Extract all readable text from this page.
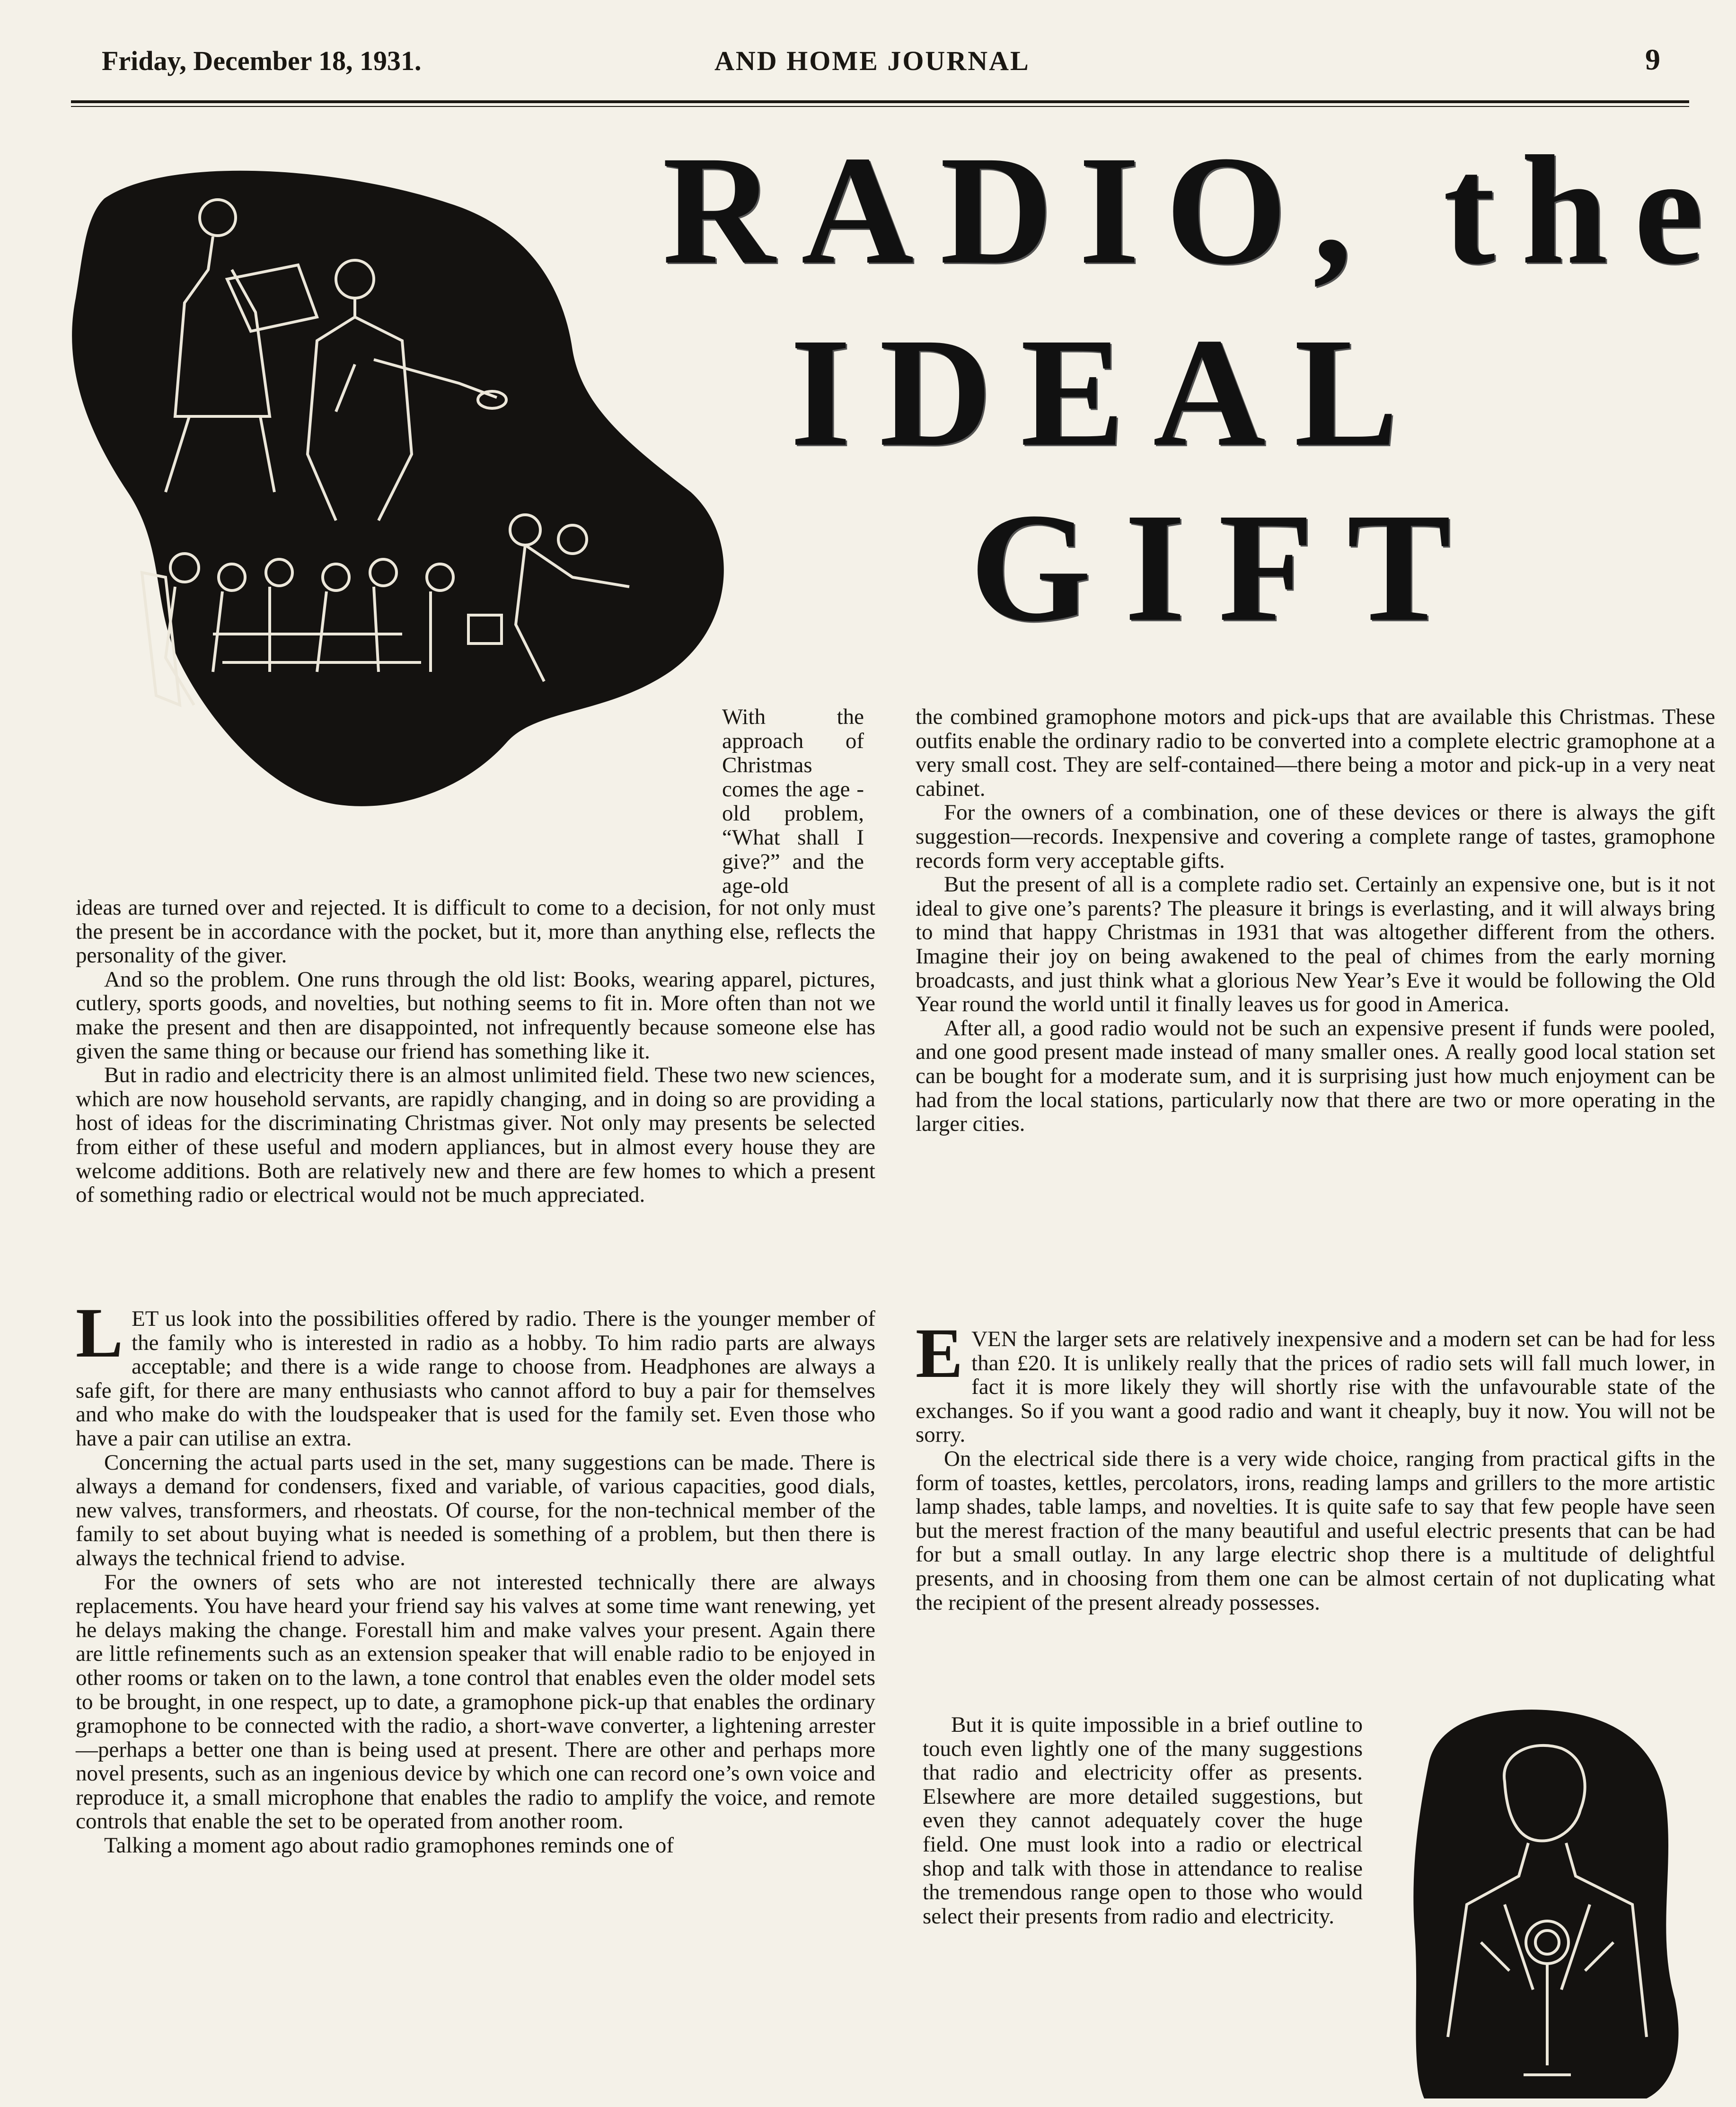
Friday, December 18, 1931.	AND HOME JOURNAL	9
RADIO, the
IDEAL
GIFT

With the approach of Christmas comes the age - old problem, “What shall I give?” and the age-old

ideas are turned over and rejected. It is difficult to come to a decision, for not only must the present be in accordance with the pocket, but it, more than anything else, reflects the personality of the giver.

And so the problem. One runs through the old list: Books, wearing apparel, pictures, cutlery, sports goods, and novelties, but nothing seems to fit in. More often than not we make the present and then are disappointed, not infrequently because someone else has given the same thing or because our friend has something like it.

But in radio and electricity there is an almost unlimited field. These two new sciences, which are now household servants, are rapidly changing, and in doing so are providing a host of ideas for the discriminating Christmas giver. Not only may presents be selected from either of these useful and modern appliances, but in almost every house they are welcome additions. Both are relatively new and there are few homes to which a present of something radio or electrical would not be much appreciated.

LET us look into the possibilities offered by radio. There is the younger member of the family who is interested in radio as a hobby. To him radio parts are always acceptable; and there is a wide range to choose from. Headphones are always a safe gift, for there are many enthusiasts who cannot afford to buy a pair for themselves and who make do with the loudspeaker that is used for the family set. Even those who have a pair can utilise an extra.

Concerning the actual parts used in the set, many suggestions can be made. There is always a demand for condensers, fixed and variable, of various capacities, good dials, new valves, transformers, and rheostats. Of course, for the non-technical member of the family to set about buying what is needed is something of a problem, but then there is always the technical friend to advise.

For the owners of sets who are not interested technically there are always replacements. You have heard your friend say his valves at some time want renewing, yet he delays making the change. Forestall him and make valves your present. Again there are little refinements such as an extension speaker that will enable radio to be enjoyed in other rooms or taken on to the lawn, a tone control that enables even the older model sets to be brought, in one respect, up to date, a gramophone pick-up that enables the ordinary gramophone to be connected with the radio, a short-wave converter, a lightening arrester—perhaps a better one than is being used at present. There are other and perhaps more novel presents, such as an ingenious device by which one can record one’s own voice and reproduce it, a small microphone that enables the radio to amplify the voice, and remote controls that enable the set to be operated from another room.

Talking a moment ago about radio gramophones reminds one of

the combined gramophone motors and pick-ups that are available this Christmas. These outfits enable the ordinary radio to be converted into a complete electric gramophone at a very small cost. They are self-contained—there being a motor and pick-up in a very neat cabinet.

For the owners of a combination, one of these devices or there is always the gift suggestion—records. Inexpensive and covering a complete range of tastes, gramophone records form very acceptable gifts.

But the present of all is a complete radio set. Certainly an expensive one, but is it not ideal to give one’s parents? The pleasure it brings is everlasting, and it will always bring to mind that happy Christmas in 1931 that was altogether different from the others. Imagine their joy on being awakened to the peal of chimes from the early morning broadcasts, and just think what a glorious New Year’s Eve it would be following the Old Year round the world until it finally leaves us for good in America.

After all, a good radio would not be such an expensive present if funds were pooled, and one good present made instead of many smaller ones. A really good local station set can be bought for a moderate sum, and it is surprising just how much enjoyment can be had from the local stations, particularly now that there are two or more operating in the larger cities.

EVEN the larger sets are relatively inexpensive and a modern set can be had for less than £20. It is unlikely really that the prices of radio sets will fall much lower, in fact it is more likely they will shortly rise with the unfavourable state of the exchanges. So if you want a good radio and want it cheaply, buy it now. You will not be sorry.

On the electrical side there is a very wide choice, ranging from practical gifts in the form of toastes, kettles, percolators, irons, reading lamps and grillers to the more artistic lamp shades, table lamps, and novelties. It is quite safe to say that few people have seen but the merest fraction of the many beautiful and useful electric presents that can be had for but a small outlay. In any large electric shop there is a multitude of delightful presents, and in choosing from them one can be almost certain of not duplicating what the recipient of the present already possesses.

But it is quite impossible in a brief outline to touch even lightly one of the many suggestions that radio and electricity offer as presents. Elsewhere are more detailed suggestions, but even they cannot adequately cover the huge field. One must look into a radio or electrical shop and talk with those in attendance to realise the tremendous range open to those who would select their presents from radio and electricity.
